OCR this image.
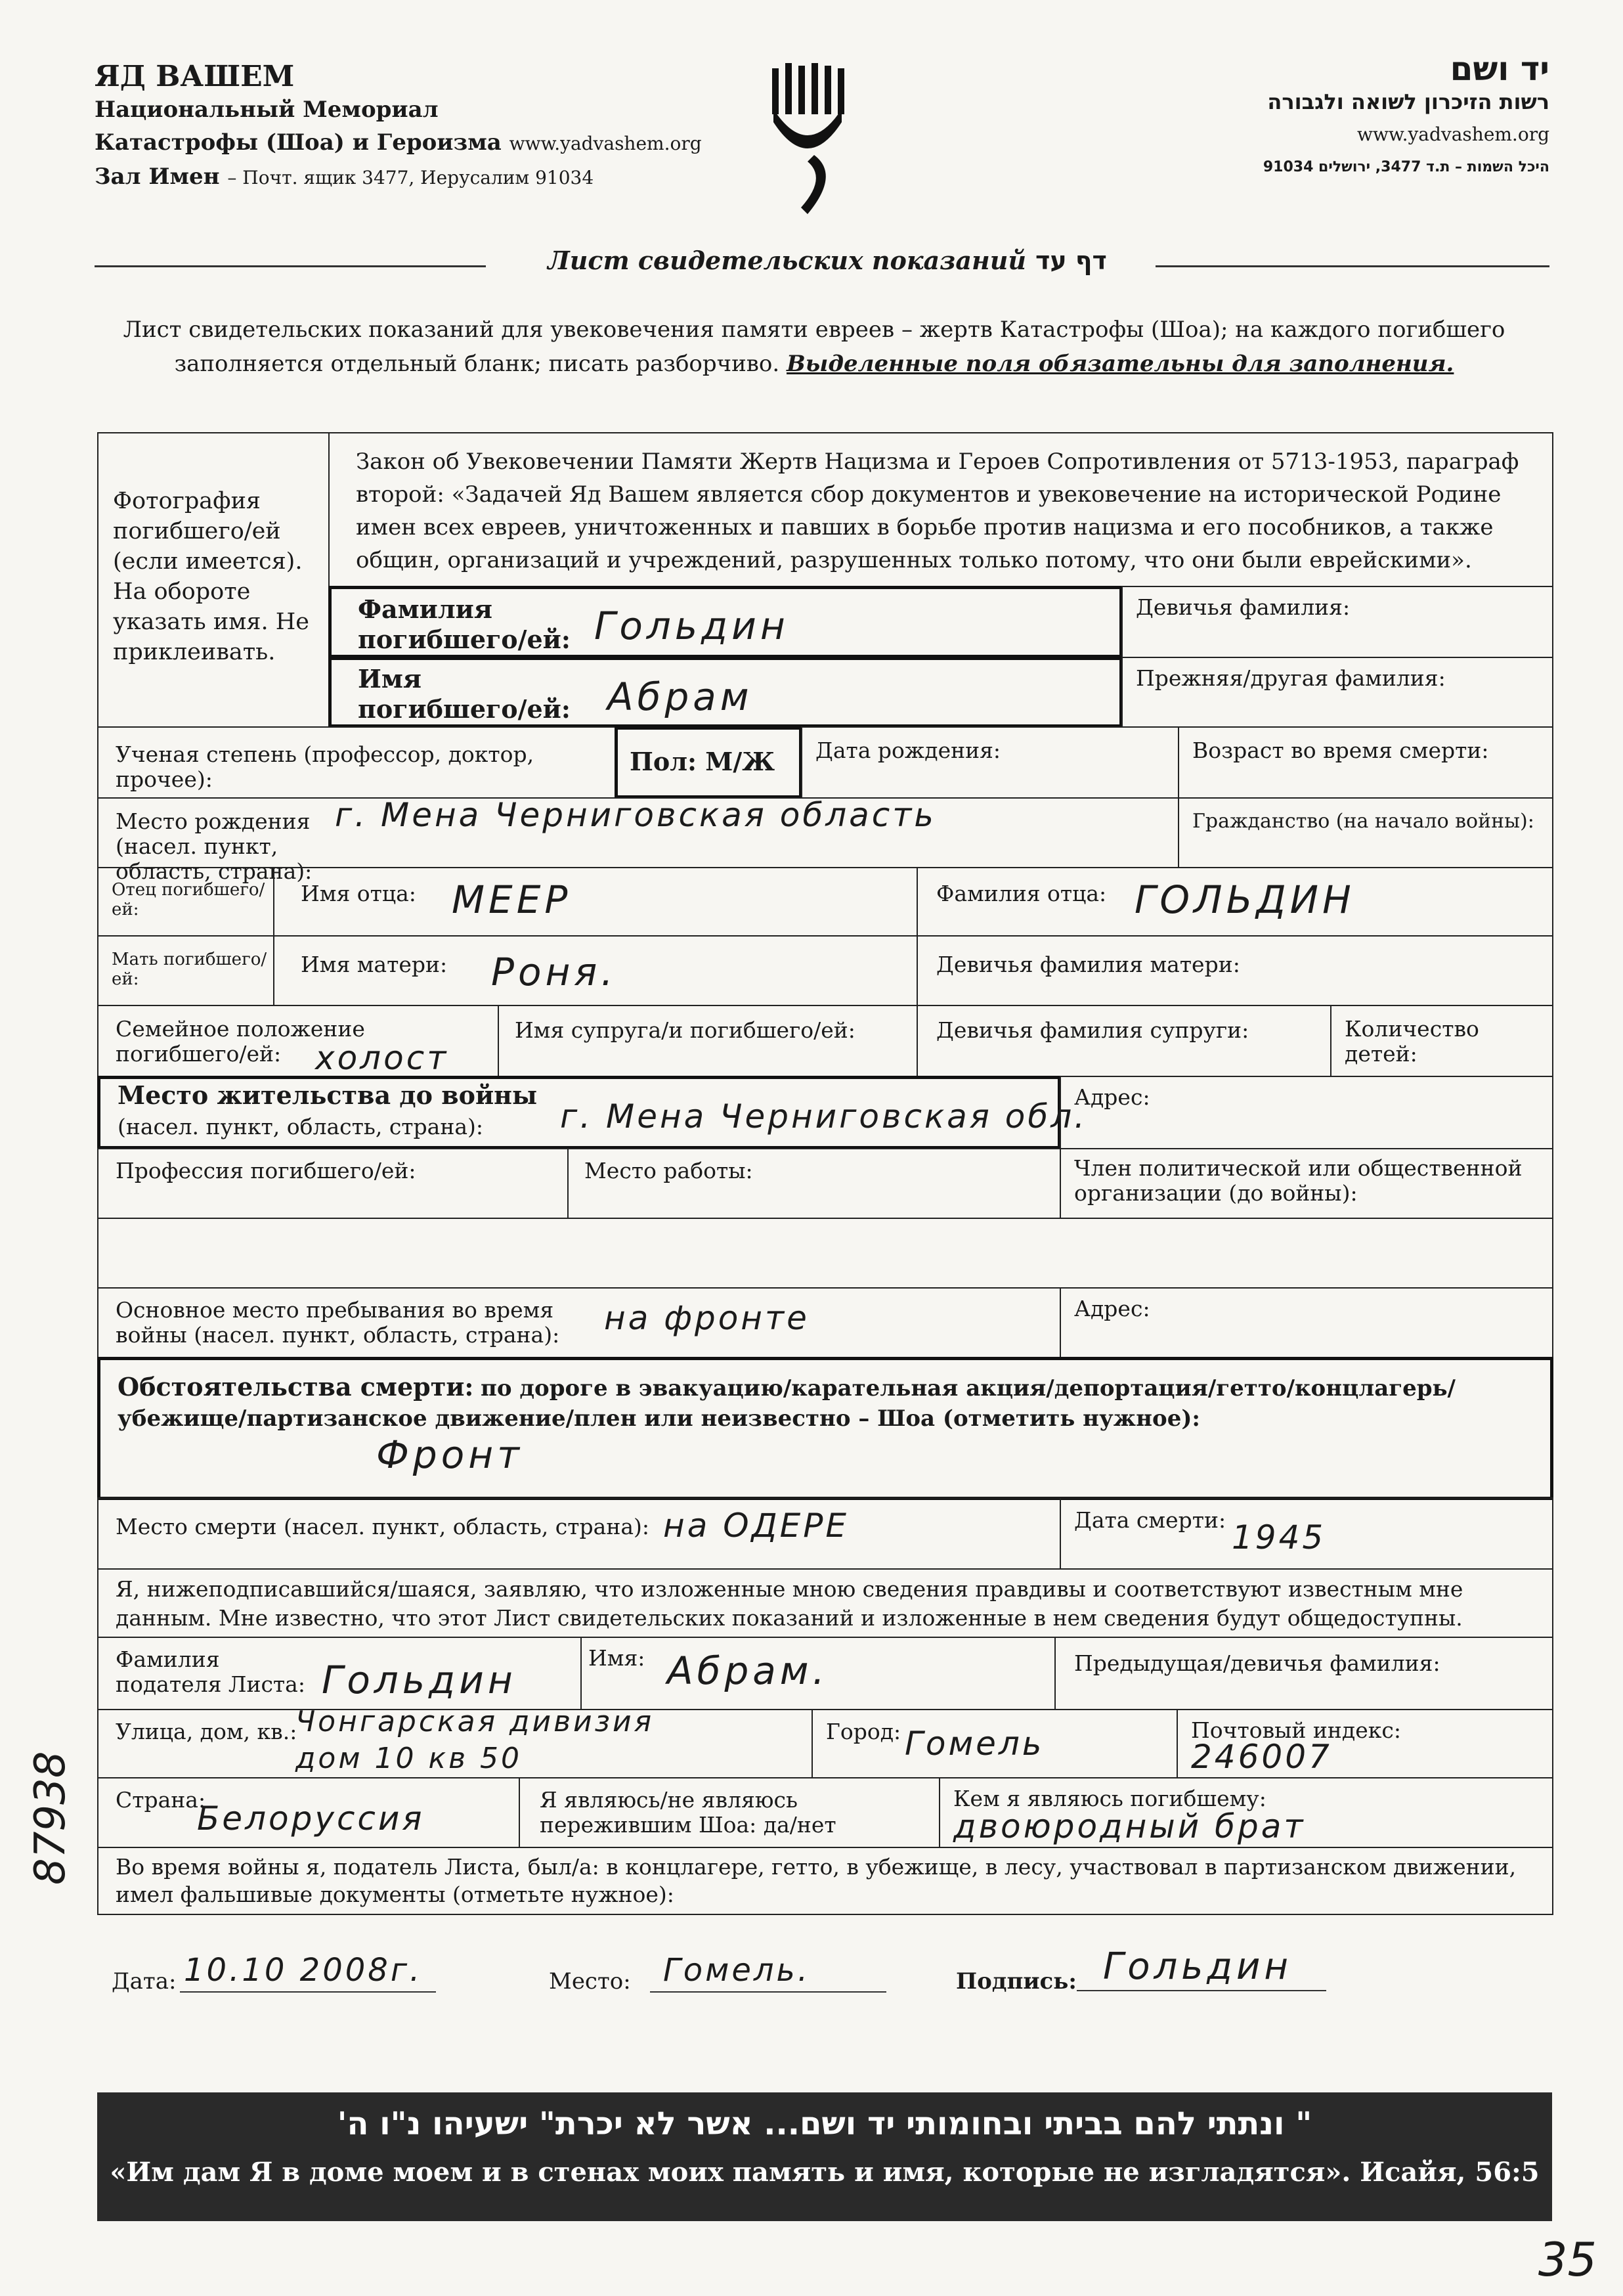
ЯД ВАШЕМ
Национальный Мемориал
Катастрофы (Шоа) и Героизма www.yadvashem.org
Зал Имен – Почт. ящик 3477, Иерусалим 91034
יד ושם
רשות הזיכרון לשואה ולגבורה
www.yadvashem.org
היכל השמות – ת.ד 3477, ירושלים 91034
Лист свидетельских показаний דף עד
Лист свидетельских показаний для увековечения памяти евреев – жертв Катастрофы (Шоа); на каждого погибшего заполняется отдельный бланк; писать разборчиво. Выделенные поля обязательны для заполнения.
Фотография погибшего/ей (если имеется). На обороте указать имя. Не приклеивать.
Закон об Увековечении Памяти Жертв Нацизма и Героев Сопротивления от 5713-1953, параграф второй: «Задачей Яд Вашем является сбор документов и увековечение на исторической Родине имен всех евреев, уничтоженных и павших в борьбе против нацизма и его пособников, а также общин, организаций и учреждений, разрушенных только потому, что они были еврейскими».
Фамилия погибшего/ей: Гольдин	Девичья фамилия:
Имя погибшего/ей: Абрам	Прежняя/другая фамилия:
Ученая степень (профессор, доктор, прочее):
Пол: М/Ж Дата рождения:	Возраст во время смерти:
Место рождения (насел. пункт, область, страна):
г. Мена Черниговская область	Гражданство (на начало войны):
Отец погибшего/ей:
Имя отца: МЕЕР	Фамилия отца: ГОЛЬДИН
Мать погибшего/ей:
Имя матери: Роня.	Девичья фамилия матери:
Семейное положение погибшего/ей:	холост
Имя супруга/и погибшего/ей:	Девичья фамилия супруги:	Количество детей:
Место жительства до войны
(насел. пункт, область, страна): г. Мена Черниговская обл.
Адрес:
Профессия погибшего/ей:	Место работы:	Член политической или общественной организации (до войны):
Основное место пребывания во время войны (насел. пункт, область, страна):	на фронте	Адрес:
Обстоятельства смерти: по дороге в эвакуацию/карательная акция/депортация/гетто/концлагерь/ убежище/партизанское движение/плен или неизвестно – Шоа (отметить нужное):
Фронт
Место смерти (насел. пункт, область, страна): на ОДЕРЕ	Дата смерти: 1945
Я, нижеподписавшийся/шаяся, заявляю, что изложенные мною сведения правдивы и соответствуют известным мне данным. Мне известно, что этот Лист свидетельских показаний и изложенные в нем сведения будут общедоступны.
Фамилия подателя Листа: Гольдин	Имя: Абрам.	Предыдущая/девичья фамилия:
Улица, дом, кв.:
Чонгарская дивизия
дом 10 кв 50
Город: Гомель	Почтовый индекс:
246007
Страна:
Белоруссия	Я являюсь/не являюсь пережившим Шоа: да/нет
Кем я являюсь погибшему:
двоюродный брат
Во время войны я, податель Листа, был/а: в концлагере, гетто, в убежище, в лесу, участвовал в партизанском движении, имел фальшивые документы (отметьте нужное):
Дата: 10.10 2008г.	Место: Гомель.	Подпись: Гольдин
" ונתתי להם בביתי ובחומותי יד ושם... אשר לא יכרת" ישעיהו נ"ו ה'
«Им дам Я в доме моем и в стенах моих память и имя, которые не изгладятся». Исайя, 56:5
87938
35
